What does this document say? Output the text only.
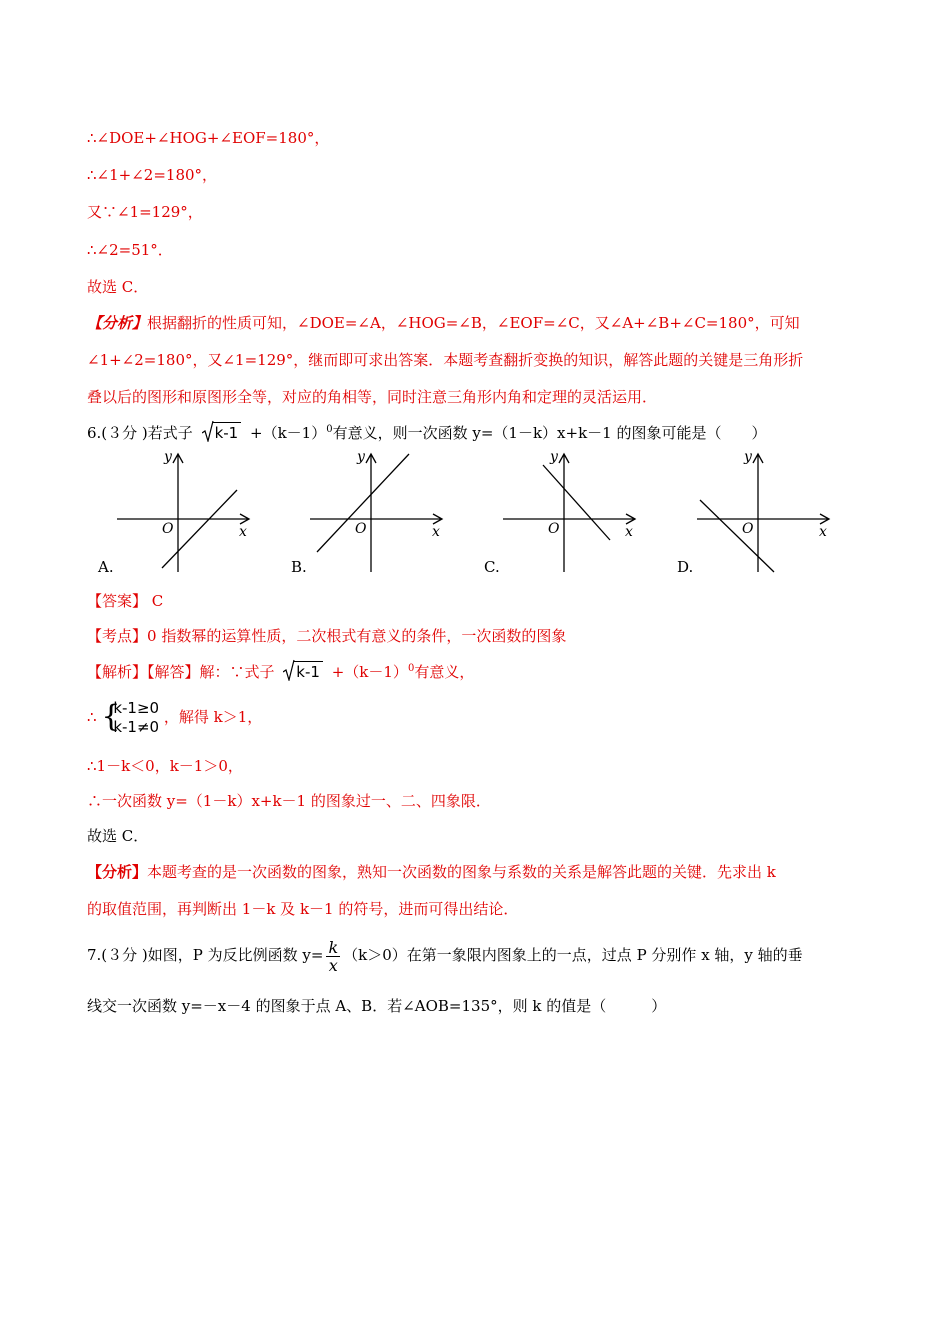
∴∠DOE+∠HOG+∠EOF=180°，
∴∠1+∠2=180°，
又∵∠1=129°，
∴∠2=51°．
故选 C．
【分析】根据翻折的性质可知，∠DOE=∠A，∠HOG=∠B，∠EOF=∠C，又∠A+∠B+∠C=180°，可知
∠1+∠2=180°，又∠1=129°，继而即可求出答案．本题考查翻折变换的知识，解答此题的关键是三角形折
叠以后的图形和原图形全等，对应的角相等，同时注意三角形内角和定理的灵活运用．
6.(３分 )若式子 $k-1 +(k-1)^0$有意义，则一次函数 y=（1－k）x+k－1 的图象可能是（　　）
y
x
O
y
x
O
y
x
O
y
x
O
A.	B.	C.	D.
【答案】 C
【考点】0 指数幂的运算性质，二次根式有意义的条件，一次函数的图象
【解析】【解答】解：∵式子 $k-1 +(k-1)^0$有意义，
∴ {
k-1≥0
k-1≠0
，解得 k＞1，
∴1－k＜0，k－1＞0，
∴一次函数 y=（1－k）x+k－1 的图象过一、二、四象限．
故选 C．
【分析】本题考查的是一次函数的图象，熟知一次函数的图象与系数的关系是解答此题的关键．先求出 k
的取值范围，再判断出 1－k 及 k－1 的符号，进而可得出结论．
7.(３分 )如图，P 为反比例函数 $y= \frac{k}{x} (k>0)$在第一象限内图象上的一点，过点 P 分别作 x 轴，y 轴的垂
线交一次函数 y=－x－4 的图象于点 A、B．若∠AOB=135°，则 k 的值是（　　　）
